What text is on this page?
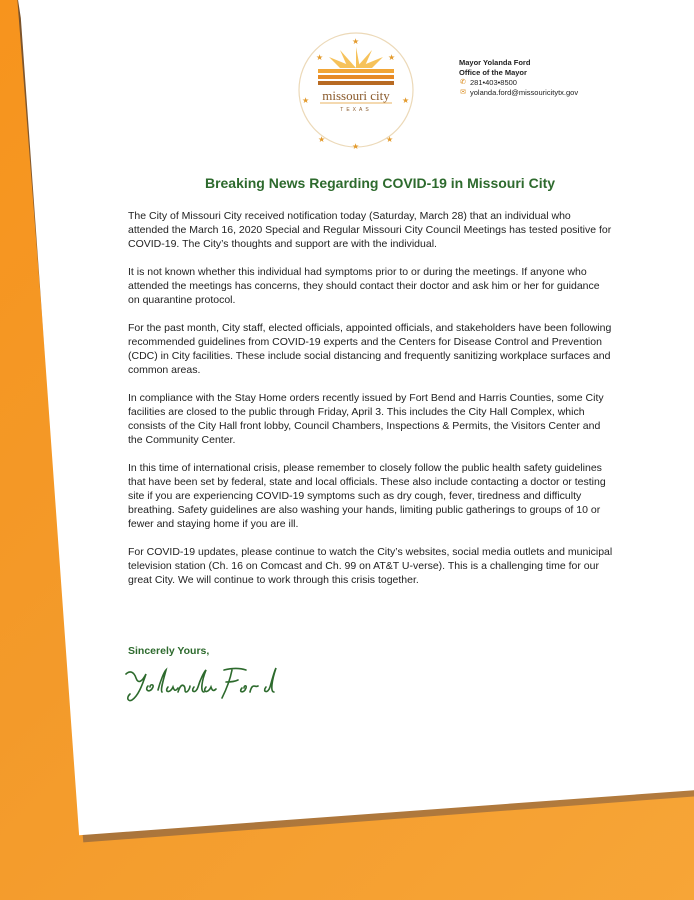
★
★	★
★	★
★
★
★
missouri city
TEXAS
Mayor Yolanda Ford
Office of the Mayor
✆ 281•403•8500
✉ yolanda.ford@missouricitytx.gov
Breaking News Regarding COVID-19 in Missouri City

The City of Missouri City received notification today (Saturday, March 28) that an individual who attended the March 16, 2020 Special and Regular Missouri City Council Meetings has tested positive for COVID-19. The City’s thoughts and support are with the individual.

It is not known whether this individual had symptoms prior to or during the meetings. If anyone who attended the meetings has concerns, they should contact their doctor and ask him or her for guidance on quarantine protocol.

For the past month, City staff, elected officials, appointed officials, and stakeholders have been following recommended guidelines from COVID-19 experts and the Centers for Disease Control and Prevention (CDC) in City facilities. These include social distancing and frequently sanitizing workplace surfaces and common areas.

In compliance with the Stay Home orders recently issued by Fort Bend and Harris Counties, some City facilities are closed to the public through Friday, April 3. This includes the City Hall Complex, which consists of the City Hall front lobby, Council Chambers, Inspections & Permits, the Visitors Center and the Community Center.

In this time of international crisis, please remember to closely follow the public health safety guidelines that have been set by federal, state and local officials. These also include contacting a doctor or testing site if you are experiencing COVID-19 symptoms such as dry cough, fever, tiredness and difficulty breathing. Safety guidelines are also washing your hands, limiting public gatherings to groups of 10 or fewer and staying home if you are ill.

For COVID-19 updates, please continue to watch the City’s websites, social media outlets and municipal television station (Ch. 16 on Comcast and Ch. 99 on AT&T U-verse). This is a challenging time for our great City. We will continue to work through this crisis together.

Sincerely Yours,
